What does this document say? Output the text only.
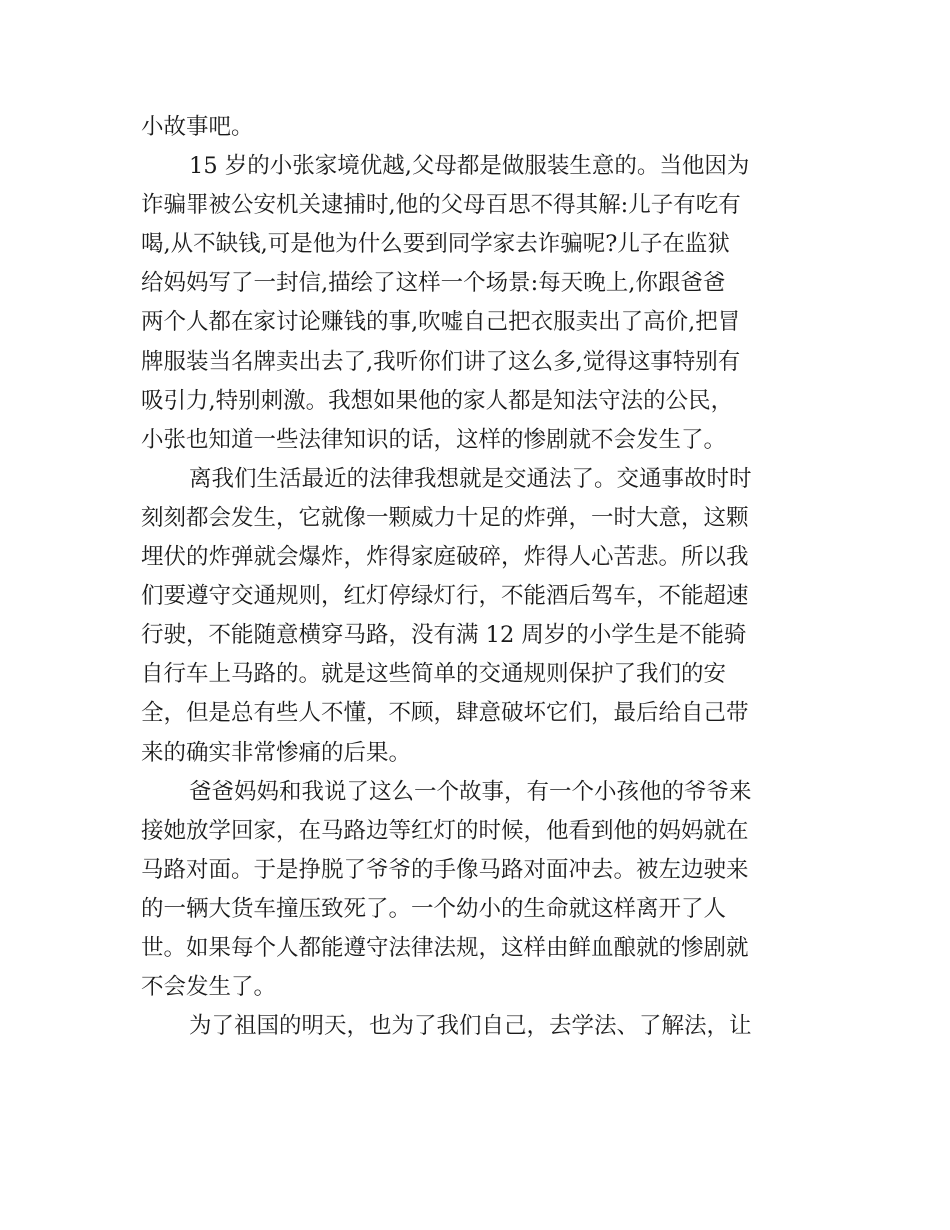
小故事吧。
15 岁的小张家境优越,父母都是做服装生意的。当他因为
诈骗罪被公安机关逮捕时,他的父母百思不得其解:儿子有吃有
喝,从不缺钱,可是他为什么要到同学家去诈骗呢?儿子在监狱
给妈妈写了一封信,描绘了这样一个场景:每天晚上,你跟爸爸
两个人都在家讨论赚钱的事,吹嘘自己把衣服卖出了高价,把冒
牌服装当名牌卖出去了,我听你们讲了这么多,觉得这事特别有
吸引力,特别刺激。我想如果他的家人都是知法守法的公民，
小张也知道一些法律知识的话，这样的惨剧就不会发生了。
离我们生活最近的法律我想就是交通法了。交通事故时时
刻刻都会发生，它就像一颗威力十足的炸弹，一时大意，这颗
埋伏的炸弹就会爆炸，炸得家庭破碎，炸得人心苦悲。所以我
们要遵守交通规则，红灯停绿灯行，不能酒后驾车，不能超速
行驶，不能随意横穿马路，没有满 12 周岁的小学生是不能骑
自行车上马路的。就是这些简单的交通规则保护了我们的安
全，但是总有些人不懂，不顾，肆意破坏它们，最后给自己带
来的确实非常惨痛的后果。
爸爸妈妈和我说了这么一个故事，有一个小孩他的爷爷来
接她放学回家，在马路边等红灯的时候，他看到他的妈妈就在
马路对面。于是挣脱了爷爷的手像马路对面冲去。被左边驶来
的一辆大货车撞压致死了。一个幼小的生命就这样离开了人
世。如果每个人都能遵守法律法规，这样由鲜血酿就的惨剧就
不会发生了。
为了祖国的明天，也为了我们自己，去学法、了解法，让
